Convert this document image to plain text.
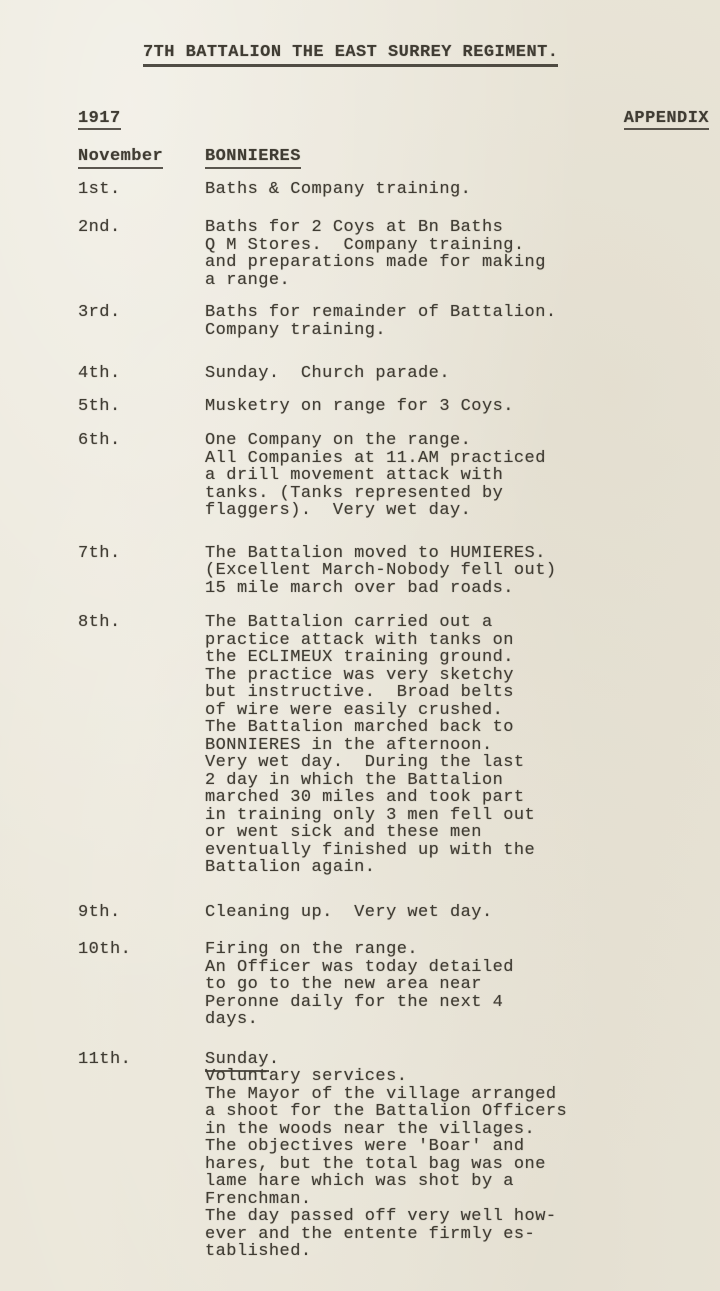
7TH BATTALION THE EAST SURREY REGIMENT.
1917	APPENDIX
November	BONNIERES
1st.	Baths & Company training.
2nd.	Baths for 2 Coys at Bn Baths
Q M Stores.  Company training.
and preparations made for making
a range.
3rd.	Baths for remainder of Battalion.
Company training.
4th.	Sunday.  Church parade.
5th.	Musketry on range for 3 Coys.
6th.	One Company on the range.
All Companies at 11.AM practiced
a drill movement attack with
tanks. (Tanks represented by
flaggers).  Very wet day.
7th.	The Battalion moved to HUMIERES.
(Excellent March-Nobody fell out)
15 mile march over bad roads.
8th.	The Battalion carried out a
practice attack with tanks on
the ECLIMEUX training ground.
The practice was very sketchy
but instructive.  Broad belts
of wire were easily crushed.
The Battalion marched back to
BONNIERES in the afternoon.
Very wet day.  During the last
2 day in which the Battalion
marched 30 miles and took part
in training only 3 men fell out
or went sick and these men
eventually finished up with the
Battalion again.
9th.	Cleaning up.  Very wet day.
10th.	Firing on the range.
An Officer was today detailed
to go to the new area near
Peronne daily for the next 4
days.
11th.	Sunday.
Voluntary services.
The Mayor of the village arranged
a shoot for the Battalion Officers
in the woods near the villages.
The objectives were 'Boar' and
hares, but the total bag was one
lame hare which was shot by a
Frenchman.
The day passed off very well how-
ever and the entente firmly es-
tablished.
